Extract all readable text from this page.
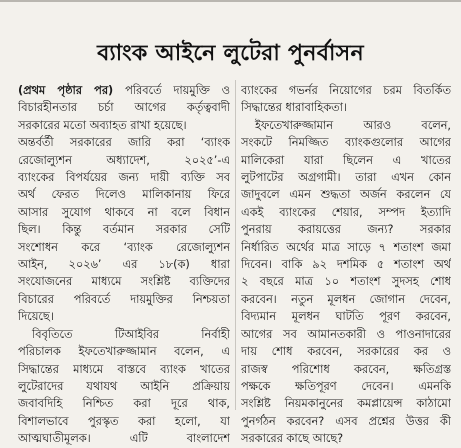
ব্যাংক আইনে লুটেরা পুনর্বাসন
(প্রথম পৃষ্ঠার পর) পরিবর্তে দায়মুক্তি ও
বিচারহীনতার চর্চা আগের কর্তৃত্ববাদী
সরকারের মতো অব্যাহত রাখা হয়েছে।
অন্তর্বর্তী সরকারের জারি করা ‘ব্যাংক
রেজোল্যুশন অধ্যাদেশ, ২০২৫’-এ
ব্যাংকের বিপর্যয়ের জন্য দায়ী ব্যক্তি সব
অর্থ ফেরত দিলেও মালিকানায় ফিরে
আসার সুযোগ থাকবে না বলে বিধান
ছিল। কিন্তু বর্তমান সরকার সেটি
সংশোধন করে ‘ব্যাংক রেজোল্যুশন
আইন, ২০২৬’ এর ১৮(ক) ধারা
সংযোজনের মাধ্যমে সংশ্লিষ্ট ব্যক্তিদের
বিচারের পরিবর্তে দায়মুক্তির নিশ্চয়তা
দিয়েছে।
বিবৃতিতে টিআইবির নির্বাহী
পরিচালক ইফতেখারুজ্জামান বলেন, এ
সিদ্ধান্তের মাধ্যমে বাস্তবে ব্যাংক খাতের
লুটেরাদের যথাযথ আইনি প্রক্রিয়ায়
জবাবদিহি নিশ্চিত করা দূরে থাক,
বিশালভাবে পুরস্কৃত করা হলো, যা
আত্মঘাতীমূলক। এটি বাংলাদেশ
ব্যাংকের গভর্নর নিয়োগের চরম বিতর্কিত
সিদ্ধান্তের ধারাবাহিকতা।
ইফতেখারুজ্জামান আরও বলেন,
সংকটে নিমজ্জিত ব্যাংকগুলোর আগের
মালিকেরা যারা ছিলেন এ খাতের
লুটপাটের অগ্রগামী। তারা এখন কোন
জাদুবলে এমন শুদ্ধতা অর্জন করলেন যে
একই ব্যাংকের শেয়ার, সম্পদ ইত্যাদি
পুনরায় করায়ত্তের জন্য? সরকার
নির্ধারিত অর্থের মাত্র সাড়ে ৭ শতাংশ জমা
দিবেন। বাকি ৯২ দশমিক ৫ শতাংশ অর্থ
২ বছরে মাত্র ১০ শতাংশ সুদসহ শোধ
করবেন। নতুন মূলধন জোগান দেবেন,
বিদ্যমান মূলধন ঘাটতি পূরণ করবেন,
আগের সব আমানতকারী ও পাওনাদারের
দায় শোধ করবেন, সরকারের কর ও
রাজস্ব পরিশোধ করবেন, ক্ষতিগ্রস্ত
পক্ষকে ক্ষতিপূরণ দেবেন। এমনকি
সংশ্লিষ্ট নিয়মকানুনের কমপ্লায়েন্স কাঠামো
পুনর্গঠন করবেন? এসব প্রশ্নের উত্তর কী
সরকারের কাছে আছে?
